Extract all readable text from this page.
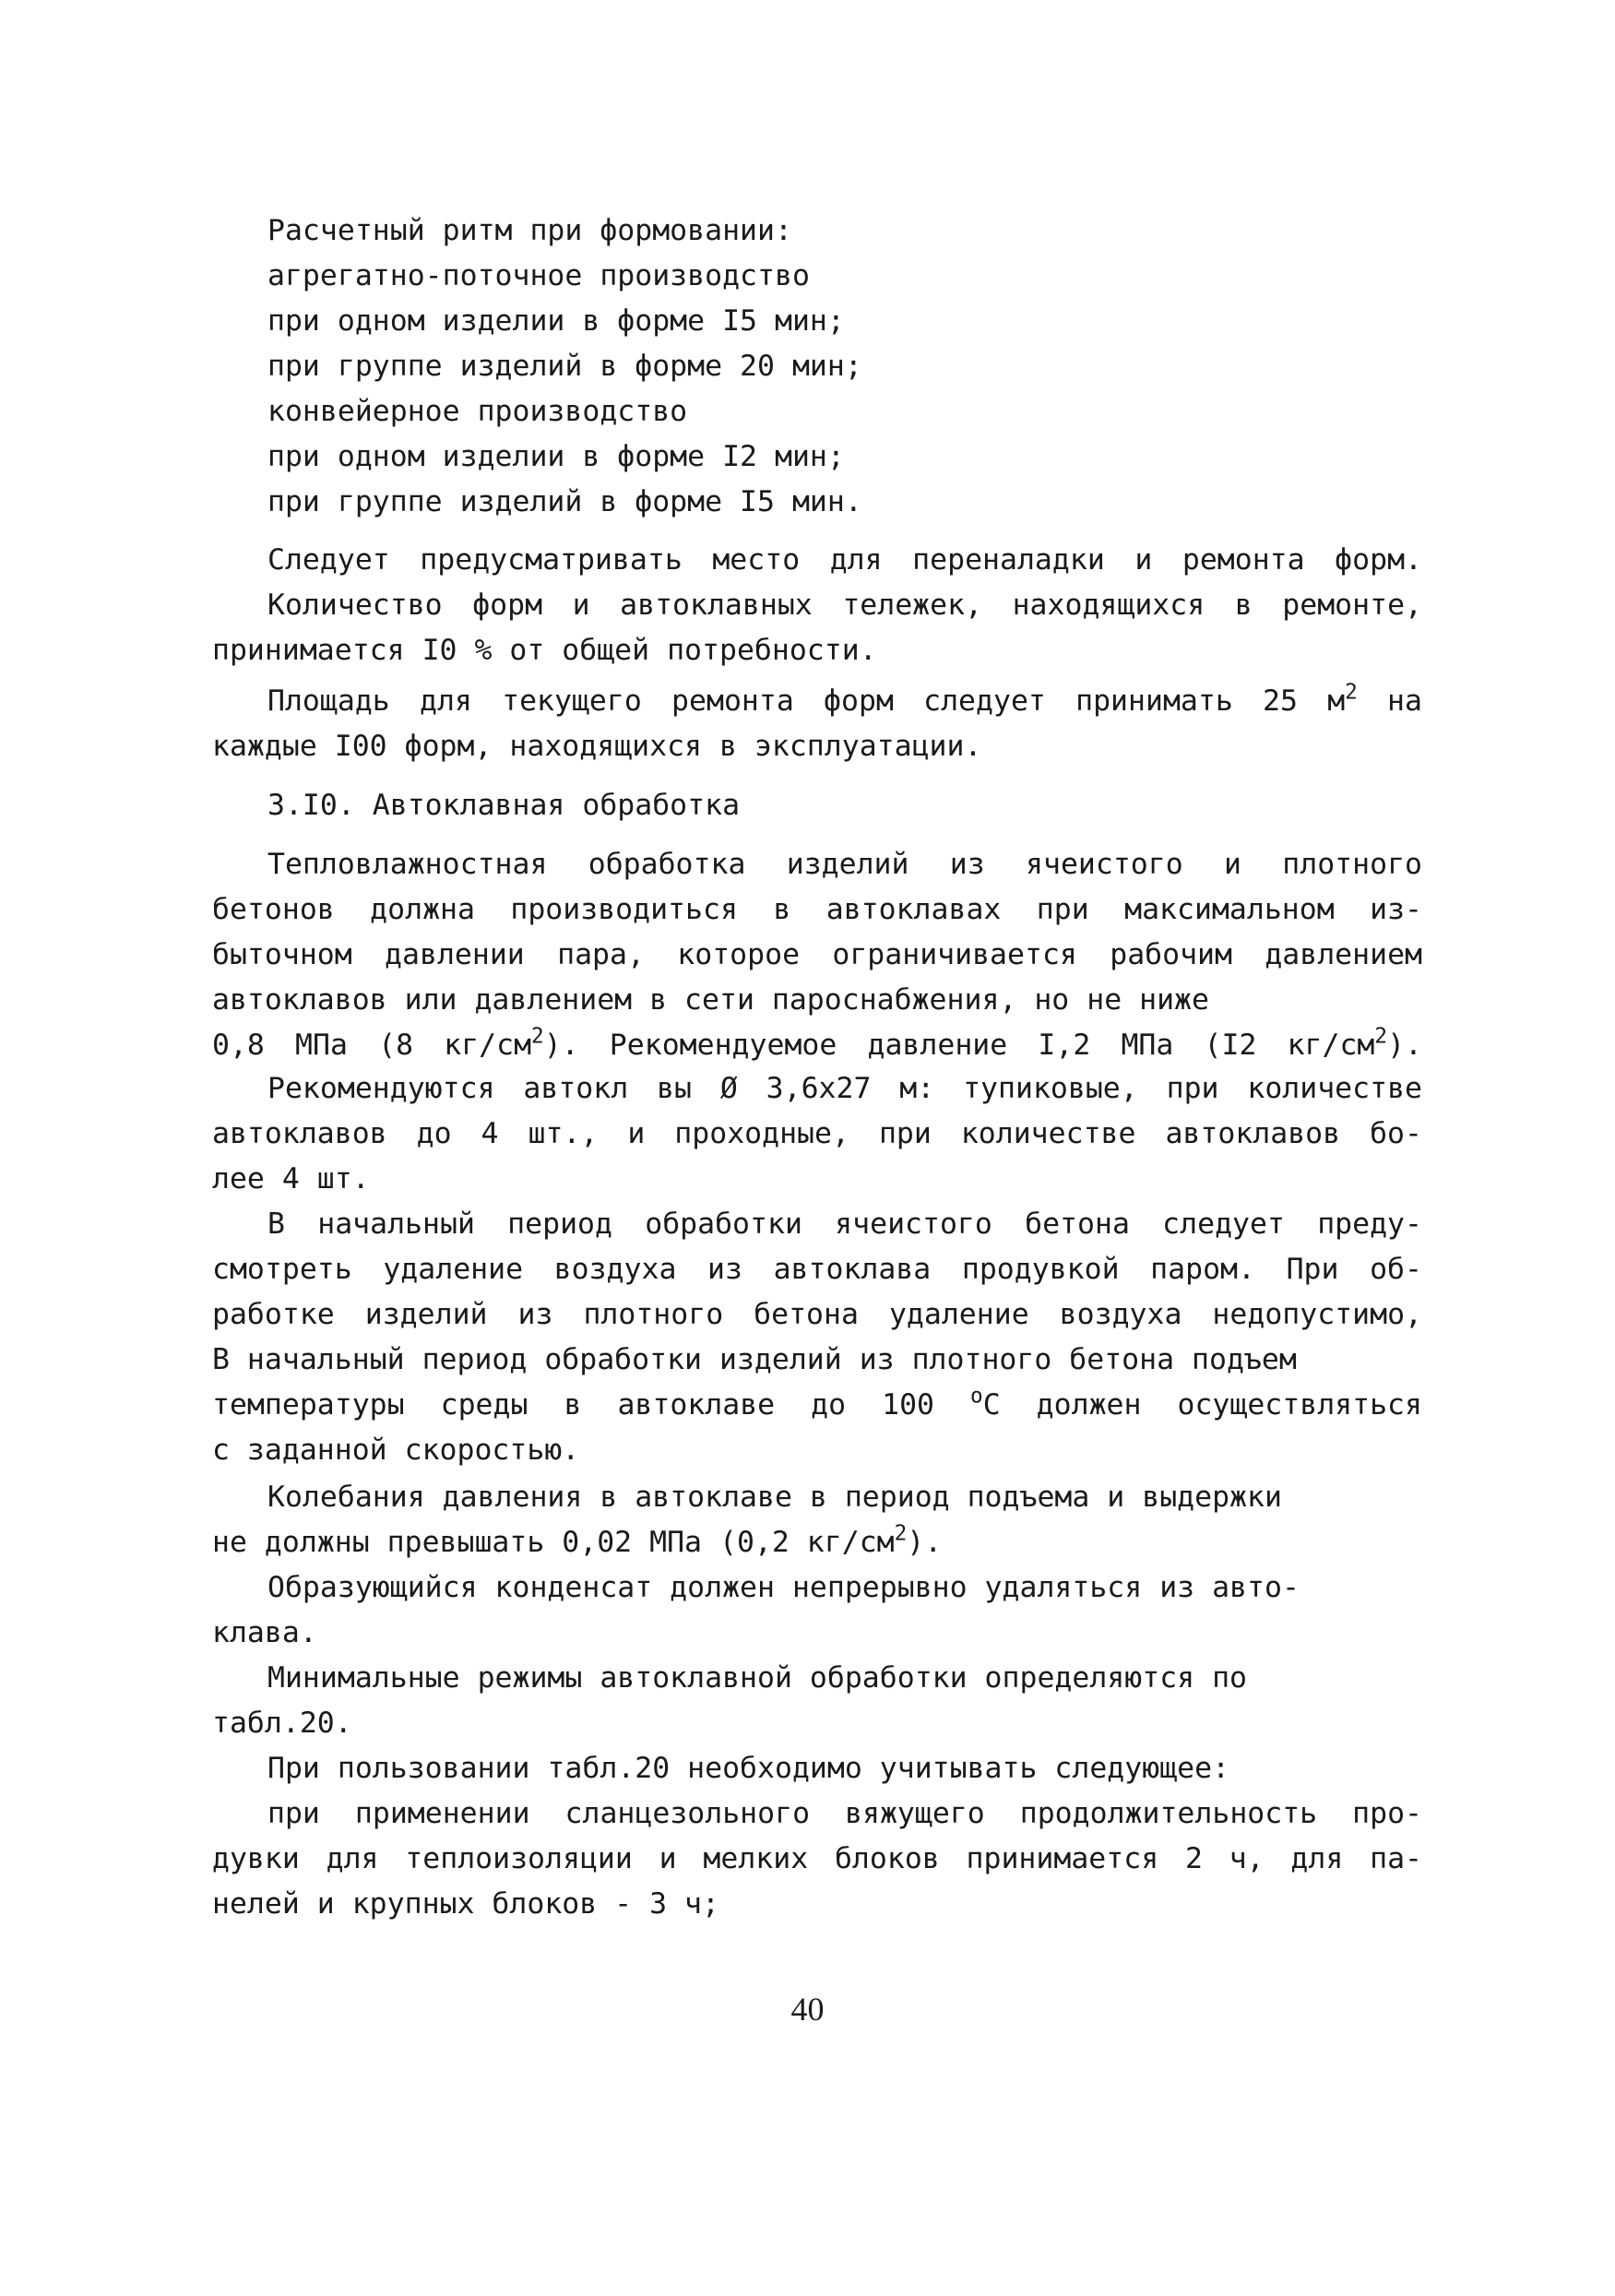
Расчетный ритм при формовании:
агрегатно-поточное производство
при одном изделии в форме I5 мин;
при группе изделий в форме 20 мин;
конвейерное производство
при одном изделии в форме I2 мин;
при группе изделий в форме I5 мин.
Следует предусматривать место для переналадки и ремонта форм.
Количество форм и автоклавных тележек, находящихся в ремонте,
принимается I0 % от общей потребности.
Площадь для текущего ремонта форм следует принимать 25 $м^2$ на
каждые I00 форм, находящихся в эксплуатации.
3.I0. Автоклавная обработка
Тепловлажностная обработка изделий из ячеистого и плотного
бетонов должна производиться в автоклавах при максимальном из-
быточном давлении пара, которое ограничивается рабочим давлением
автоклавов или давлением в сети пароснабжения, но не ниже
0,8 МПа (8 $кг/см^2$). Рекомендуемое давление I,2 МПа (I2 $кг/см^2$).
Рекомендуются автокл вы Ø 3,6х27 м: тупиковые, при количестве
автоклавов до 4 шт., и проходные, при количестве автоклавов бо-
лее 4 шт.
В начальный период обработки ячеистого бетона следует преду-
смотреть удаление воздуха из автоклава продувкой паром. При об-
работке изделий из плотного бетона удаление воздуха недопустимо,
В начальный период обработки изделий из плотного бетона подъем
температуры среды в автоклаве до 100 $^о$С должен осуществляться
с заданной скоростью.
Колебания давления в автоклаве в период подъема и выдержки
не должны превышать 0,02 МПа (0,2 $кг/см^2$).
Образующийся конденсат должен непрерывно удаляться из авто-
клава.
Минимальные режимы автоклавной обработки определяются по
табл.20.
При пользовании табл.20 необходимо учитывать следующее:
при применении сланцезольного вяжущего продолжительность про-
дувки для теплоизоляции и мелких блоков принимается 2 ч, для па-
нелей и крупных блоков - 3 ч;
40
